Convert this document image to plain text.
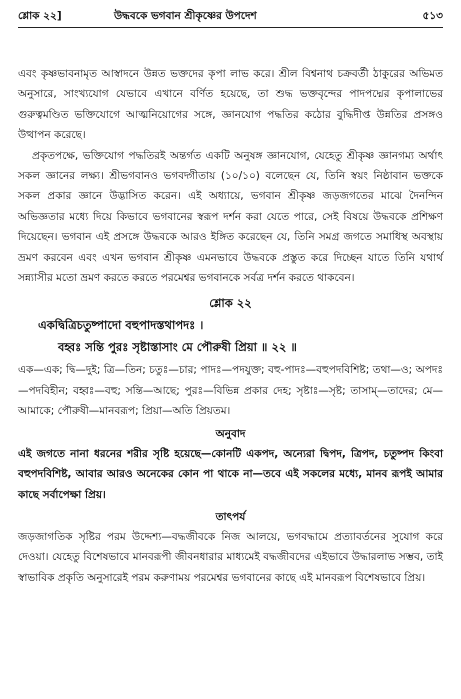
শ্লোক ২২]	উদ্ধবকে ভগবান শ্রীকৃষ্ণের উপদেশ	৫১৩

এবং কৃষ্ণভাবনামৃত আস্বাদনে উন্নত ভক্তদের কৃপা লাভ করে। শ্রীল বিশ্বনাথ চক্রবর্তী ঠাকুরের অভিমত অনুসারে, সাংখ্যযোগ যেভাবে এখানে বর্ণিত হয়েছে, তা শুদ্ধ ভক্তবৃন্দের পাদপদ্মের কৃপালাভের গুরুত্বমণ্ডিত ভক্তিযোগে আত্মনিয়োগের সঙ্গে, জ্ঞানযোগ পদ্ধতির কঠোর বুদ্ধিদীপ্ত উন্নতির প্রসঙ্গও উত্থাপন করেছে।

প্রকৃতপক্ষে, ভক্তিযোগ পদ্ধতিরই অন্তর্গত একটি অনুষঙ্গ জ্ঞানযোগ, যেহেতু শ্রীকৃষ্ণ জ্ঞানগম্য অর্থাৎ সকল জ্ঞানের লক্ষ্য। শ্রীভগবানও ভগবদ্গীতায় (১০/১০) বলেছেন যে, তিনি স্বয়ং নিষ্ঠাবান ভক্তকে সকল প্রকার জ্ঞানে উদ্ভাসিত করেন। এই অধ্যায়ে, ভগবান শ্রীকৃষ্ণ জড়জগতের মাঝে দৈনন্দিন অভিজ্ঞতার মধ্যে দিয়ে কিভাবে ভগবানের স্বরূপ দর্শন করা যেতে পারে, সেই বিষয়ে উদ্ধবকে প্রশিক্ষণ দিয়েছেন। ভগবান এই প্রসঙ্গে উদ্ধবকে আরও ইঙ্গিত করেছেন যে, তিনি সমগ্র জগতে সমাধিস্থ অবস্থায় ভ্রমণ করবেন এবং এখন ভগবান শ্রীকৃষ্ণ এমনভাবে উদ্ধবকে প্রস্তুত করে দিচ্ছেন যাতে তিনি যথার্থ সন্ন্যাসীর মতো ভ্রমণ করতে করতে পরমেশ্বর ভগবানকে সর্বত্র দর্শন করতে থাকবেন।

শ্লোক ২২
একদ্বিত্রিচতুষ্পাদো বহুপাদস্তথাপদঃ ।
বহ্বঃ সন্তি পুরঃ সৃষ্টাস্তাসাং মে পৌরুষী প্রিয়া ॥ ২২ ॥

এক—এক; দ্বি—দুই; ত্রি—তিন; চতুঃ—চার; পাদঃ—পদযুক্ত; বহু-পাদঃ—বহুপদবিশিষ্ট; তথা—ও; অপদঃ—পদবিহীন; বহ্বঃ—বহু; সন্তি—আছে; পুরঃ—বিভিন্ন প্রকার দেহ; সৃষ্টাঃ—সৃষ্ট; তাসাম্—তাদের; মে—আমাকে; পৌরুষী—মানবরূপ; প্রিয়া—অতি প্রিয়তম।

অনুবাদ

এই জগতে নানা ধরনের শরীর সৃষ্টি হয়েছে—কোনটি একপদ, অন্যেরা দ্বিপদ, ত্রিপদ, চতুষ্পদ কিংবা বহুপদবিশিষ্ট, আবার আরও অনেকের কোন পা থাকে না—তবে এই সকলের মধ্যে, মানব রূপই আমার কাছে সর্বাপেক্ষা প্রিয়।

তাৎপর্য

জড়জাগতিক সৃষ্টির পরম উদ্দেশ্য—বদ্ধজীবকে নিজ আলয়ে, ভগবদ্ধামে প্রত্যাবর্তনের সুযোগ করে দেওয়া। যেহেতু বিশেষভাবে মানবরূপী জীবনধারার মাধ্যমেই বদ্ধজীবদের এইভাবে উদ্ধারলাভ সম্ভব, তাই স্বাভাবিক প্রকৃতি অনুসারেই পরম করুণাময় পরমেশ্বর ভগবানের কাছে এই মানবরূপ বিশেষভাবে প্রিয়।
